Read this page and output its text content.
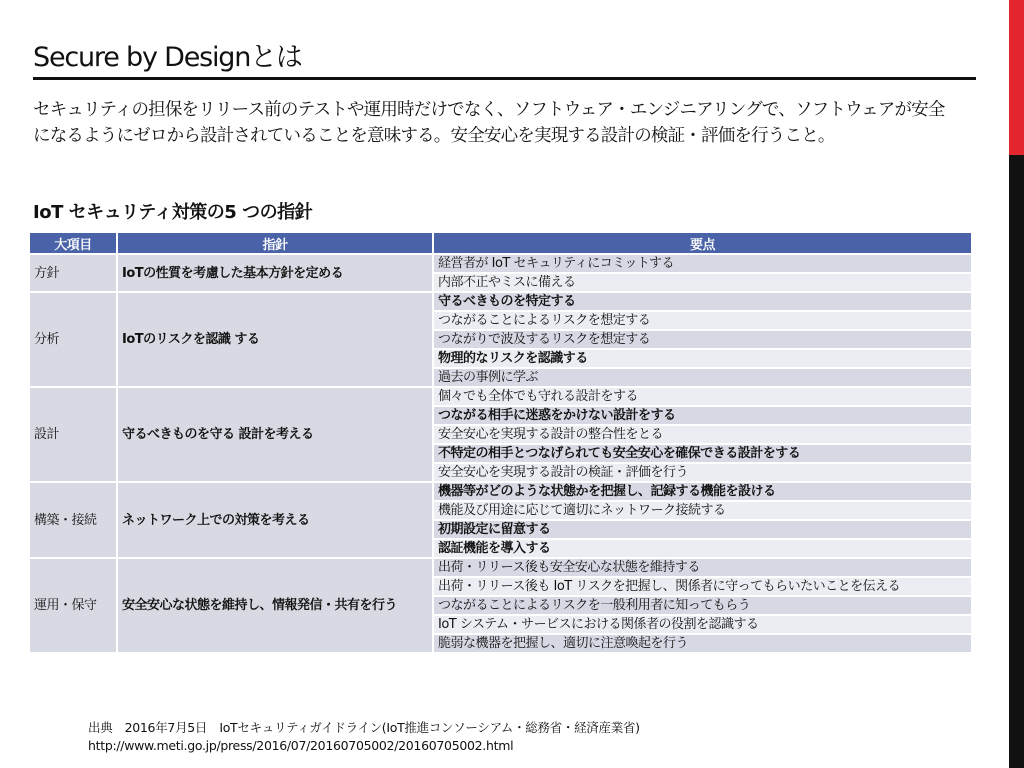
Secure by Designとは
セキュリティの担保をリリース前のテストや運用時だけでなく、ソフトウェア・エンジニアリングで、ソフトウェアが安全になるようにゼロから設計されていることを意味する。安全安心を実現する設計の検証・評価を行うこと。
IoT セキュリティ対策の5 つの指針
大項目	指針	要点
方針	IoTの性質を考慮した基本方針を定める	経営者が IoT セキュリティにコミットする
		内部不正やミスに備える
分析	IoTのリスクを認識 する	守るべきものを特定する
		つながることによるリスクを想定する
		つながりで波及するリスクを想定する
		物理的なリスクを認識する
		過去の事例に学ぶ
設計	守るべきものを守る 設計を考える	個々でも全体でも守れる設計をする
		つながる相手に迷惑をかけない設計をする
		安全安心を実現する設計の整合性をとる
		不特定の相手とつなげられても安全安心を確保できる設計をする
		安全安心を実現する設計の検証・評価を行う
構築・接続	ネットワーク上での対策を考える	機器等がどのような状態かを把握し、記録する機能を設ける
		機能及び用途に応じて適切にネットワーク接続する
		初期設定に留意する
		認証機能を導入する
運用・保守	安全安心な状態を維持し、情報発信・共有を行う	出荷・リリース後も安全安心な状態を維持する
		出荷・リリース後も IoT リスクを把握し、関係者に守ってもらいたいことを伝える
		つながることによるリスクを一般利用者に知ってもらう
		IoT システム・サービスにおける関係者の役割を認識する
		脆弱な機器を把握し、適切に注意喚起を行う
出典　2016年7月5日　IoTセキュリティガイドライン(IoT推進コンソーシアム・総務省・経済産業省)
http://www.meti.go.jp/press/2016/07/20160705002/20160705002.html
